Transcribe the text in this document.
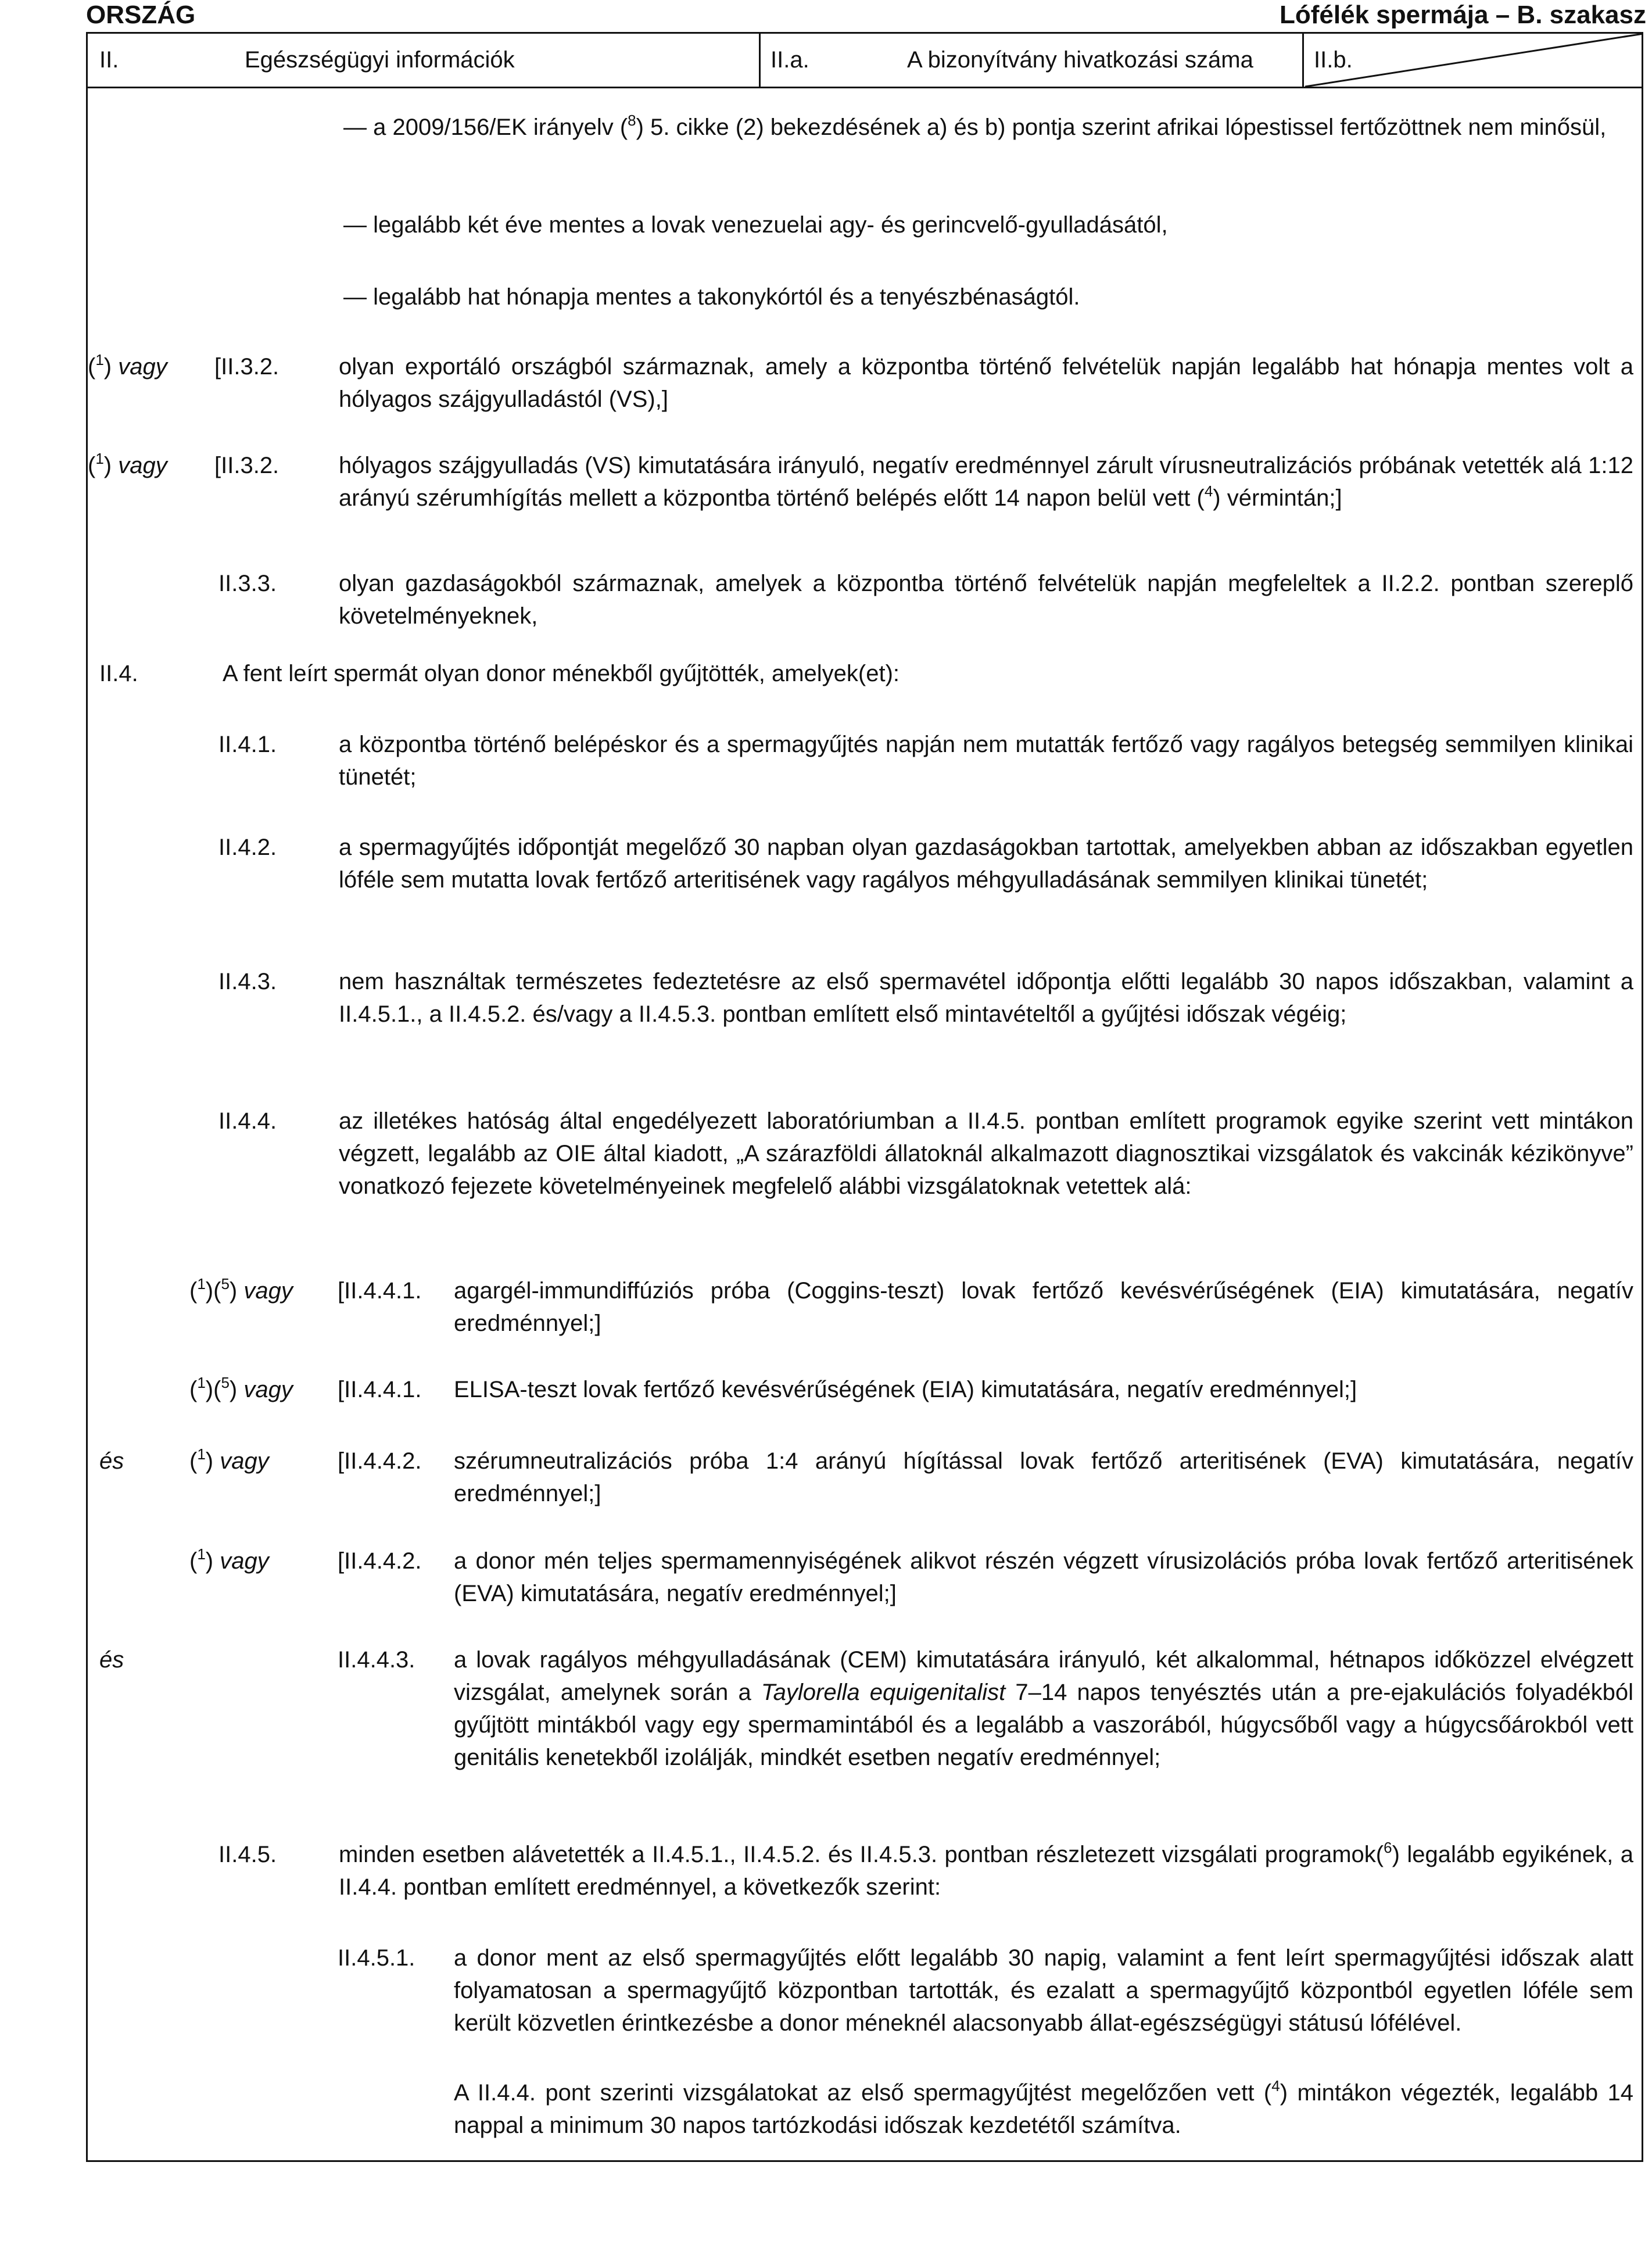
ORSZÁG	Lófélék spermája – B. szakasz
II.	Egészségügyi információk	II.a.	A bizonyítvány hivatkozási száma	II.b.

— a 2009/156/EK irányelv ($^8$) 5. cikke (2) bekezdésének a) és b) pontja szerint afrikai lópestissel fertőzöttnek nem minősül,

— legalább két éve mentes a lovak venezuelai agy- és gerincvelő-gyulladásától,

— legalább hat hónapja mentes a takonykórtól és a tenyészbénaságtól.

($^1$) vagy [II.3.2.	olyan exportáló országból származnak, amely a központba történő felvételük napján legalább hat hónapja mentes volt a hólyagos szájgyulladástól (VS),]

($^1$) vagy [II.3.2.	hólyagos szájgyulladás (VS) kimutatására irányuló, negatív eredménnyel zárult vírusneutralizációs próbának vetették alá 1:12 arányú szérumhígítás mellett a központba történő belépés előtt 14 napon belül vett ($^4$) vérmintán;]

II.3.3.	olyan gazdaságokból származnak, amelyek a központba történő felvételük napján megfeleltek a II.2.2. pontban szereplő követelményeknek,

II.4.	A fent leírt spermát olyan donor ménekből gyűjtötték, amelyek(et):

II.4.1.	a központba történő belépéskor és a spermagyűjtés napján nem mutatták fertőző vagy ragályos betegség semmilyen klinikai tünetét;

II.4.2.	a spermagyűjtés időpontját megelőző 30 napban olyan gazdaságokban tartottak, amelyekben abban az időszakban egyetlen lóféle sem mutatta lovak fertőző arteritisének vagy ragályos méhgyulladásának semmilyen klinikai tünetét;

II.4.3.	nem használtak természetes fedeztetésre az első spermavétel időpontja előtti legalább 30 napos időszakban, valamint a II.4.5.1., a II.4.5.2. és/vagy a II.4.5.3. pontban említett első mintavételtől a gyűjtési időszak végéig;

II.4.4.	az illetékes hatóság által engedélyezett laboratóriumban a II.4.5. pontban említett programok egyike szerint vett mintákon végzett, legalább az OIE által kiadott, „A szárazföldi állatoknál alkalmazott diagnosztikai vizsgálatok és vakcinák kézikönyve” vonatkozó fejezete követelményeinek megfelelő alábbi vizsgálatoknak vetettek alá:

($^1$)($^5$) vagy [II.4.4.1. agargél-immundiffúziós próba (Coggins-teszt) lovak fertőző kevésvérűségének (EIA) kimutatására, negatív eredménnyel;]

($^1$)($^5$) vagy [II.4.4.1. ELISA-teszt lovak fertőző kevésvérűségének (EIA) kimutatására, negatív eredménnyel;]

és	($^1$) vagy	[II.4.4.2. szérumneutralizációs próba 1:4 arányú hígítással lovak fertőző arteritisének (EVA) kimutatására, negatív eredménnyel;]

($^1$) vagy	[II.4.4.2. a donor mén teljes spermamennyiségének alikvot részén végzett vírusizolációs próba lovak fertőző arteritisének (EVA) kimutatására, negatív eredménnyel;]

és	II.4.4.3. a lovak ragályos méhgyulladásának (CEM) kimutatására irányuló, két alkalommal, hétnapos időközzel elvégzett vizsgálat, amelynek során a Taylorella equigenitalist 7–14 napos tenyésztés után a pre-ejakulációs folyadékból gyűjtött mintákból vagy egy spermamintából és a legalább a vaszorából, húgycsőből vagy a húgycsőárokból vett genitális kenetekből izolálják, mindkét esetben negatív eredménnyel;

II.4.5.	minden esetben alávetették a II.4.5.1., II.4.5.2. és II.4.5.3. pontban részletezett vizsgálati programok($^6$) legalább egyikének, a II.4.4. pontban említett eredménnyel, a következők szerint:

II.4.5.1. a donor ment az első spermagyűjtés előtt legalább 30 napig, valamint a fent leírt spermagyűjtési időszak alatt folyamatosan a spermagyűjtő központban tartották, és ezalatt a spermagyűjtő központból egyetlen lóféle sem került közvetlen érintkezésbe a donor méneknél alacsonyabb állat-egészségügyi státusú lófélével.

A II.4.4. pont szerinti vizsgálatokat az első spermagyűjtést megelőzően vett ($^4$) mintákon végezték, legalább 14 nappal a minimum 30 napos tartózkodási időszak kezdetétől számítva.
